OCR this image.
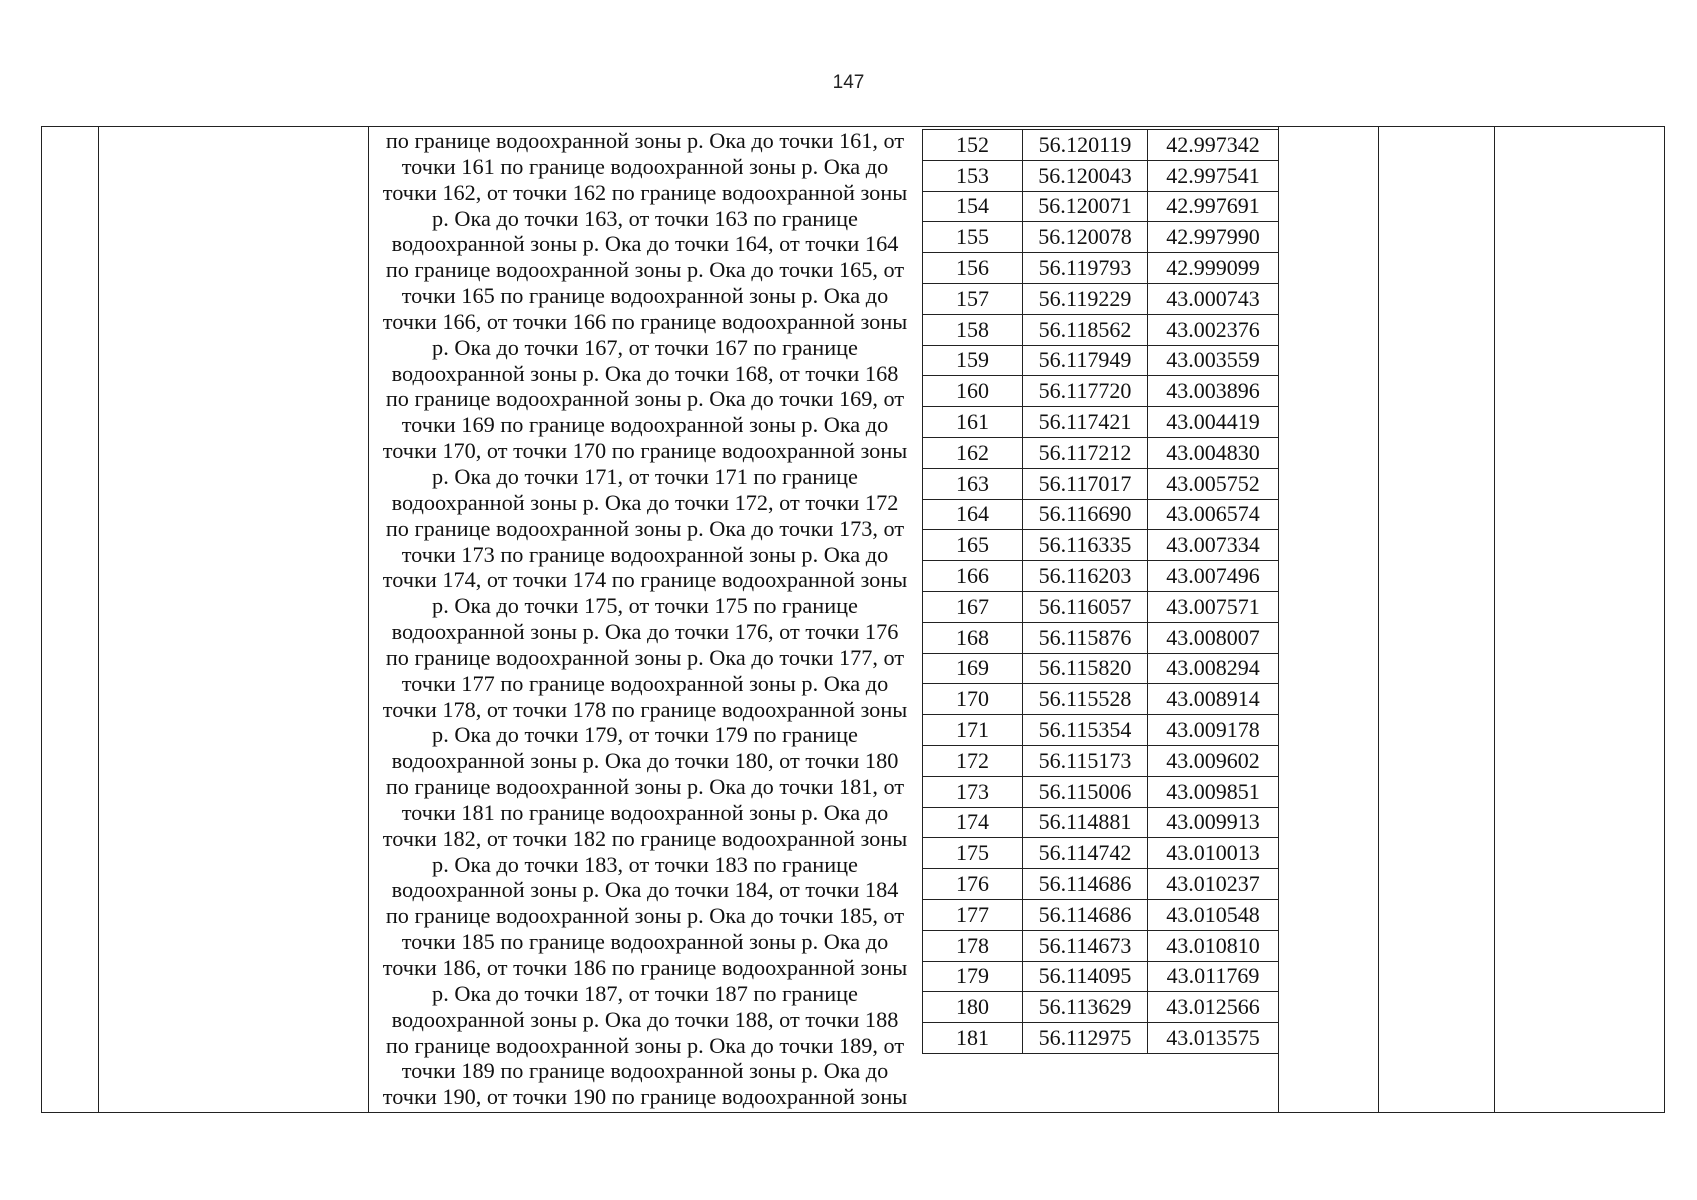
147
по границе водоохранной зоны р. Ока до точки 161, от
точки 161 по границе водоохранной зоны р. Ока до
точки 162, от точки 162 по границе водоохранной зоны
р. Ока до точки 163, от точки 163 по границе
водоохранной зоны р. Ока до точки 164, от точки 164
по границе водоохранной зоны р. Ока до точки 165, от
точки 165 по границе водоохранной зоны р. Ока до
точки 166, от точки 166 по границе водоохранной зоны
р. Ока до точки 167, от точки 167 по границе
водоохранной зоны р. Ока до точки 168, от точки 168
по границе водоохранной зоны р. Ока до точки 169, от
точки 169 по границе водоохранной зоны р. Ока до
точки 170, от точки 170 по границе водоохранной зоны
р. Ока до точки 171, от точки 171 по границе
водоохранной зоны р. Ока до точки 172, от точки 172
по границе водоохранной зоны р. Ока до точки 173, от
точки 173 по границе водоохранной зоны р. Ока до
точки 174, от точки 174 по границе водоохранной зоны
р. Ока до точки 175, от точки 175 по границе
водоохранной зоны р. Ока до точки 176, от точки 176
по границе водоохранной зоны р. Ока до точки 177, от
точки 177 по границе водоохранной зоны р. Ока до
точки 178, от точки 178 по границе водоохранной зоны
р. Ока до точки 179, от точки 179 по границе
водоохранной зоны р. Ока до точки 180, от точки 180
по границе водоохранной зоны р. Ока до точки 181, от
точки 181 по границе водоохранной зоны р. Ока до
точки 182, от точки 182 по границе водоохранной зоны
р. Ока до точки 183, от точки 183 по границе
водоохранной зоны р. Ока до точки 184, от точки 184
по границе водоохранной зоны р. Ока до точки 185, от
точки 185 по границе водоохранной зоны р. Ока до
точки 186, от точки 186 по границе водоохранной зоны
р. Ока до точки 187, от точки 187 по границе
водоохранной зоны р. Ока до точки 188, от точки 188
по границе водоохранной зоны р. Ока до точки 189, от
точки 189 по границе водоохранной зоны р. Ока до
точки 190, от точки 190 по границе водоохранной зоны
152	56.120119	42.997342
153	56.120043	42.997541
154	56.120071	42.997691
155	56.120078	42.997990
156	56.119793	42.999099
157	56.119229	43.000743
158	56.118562	43.002376
159	56.117949	43.003559
160	56.117720	43.003896
161	56.117421	43.004419
162	56.117212	43.004830
163	56.117017	43.005752
164	56.116690	43.006574
165	56.116335	43.007334
166	56.116203	43.007496
167	56.116057	43.007571
168	56.115876	43.008007
169	56.115820	43.008294
170	56.115528	43.008914
171	56.115354	43.009178
172	56.115173	43.009602
173	56.115006	43.009851
174	56.114881	43.009913
175	56.114742	43.010013
176	56.114686	43.010237
177	56.114686	43.010548
178	56.114673	43.010810
179	56.114095	43.011769
180	56.113629	43.012566
181	56.112975	43.013575
